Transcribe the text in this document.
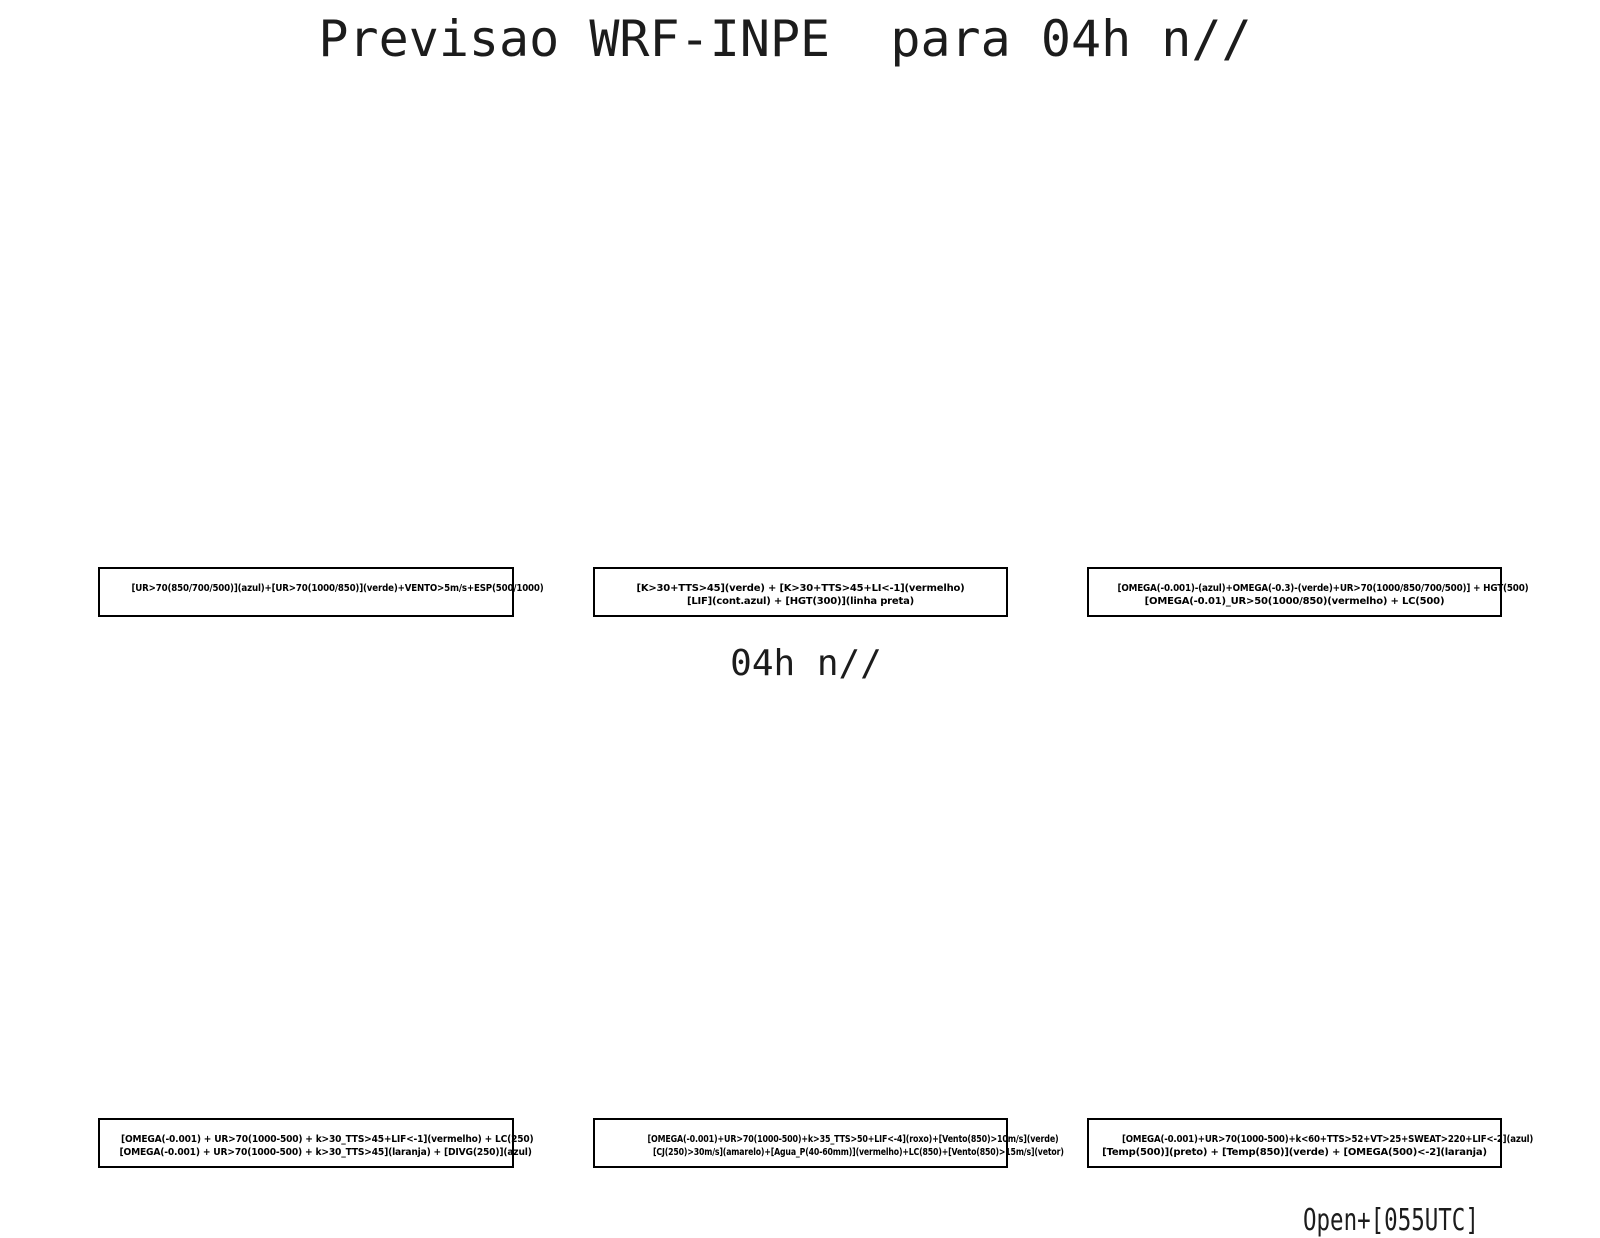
Previsao WRF-INPE  para 04h n//
[UR>70(850/700/500)](azul)+[UR>70(1000/850)](verde)+VENTO>5m/s+ESP(500/1000)	[K>30+TTS>45](verde) + [K>30+TTS>45+LI<-1](vermelho)
[LIF](cont.azul) + [HGT(300)](linha preta)
[OMEGA(-0.001)-(azul)+OMEGA(-0.3)-(verde)+UR>70(1000/850/700/500)] + HGT(500)
[OMEGA(-0.01)_UR>50(1000/850)(vermelho) + LC(500)
04h n//
[OMEGA(-0.001) + UR>70(1000-500) + k>30_TTS>45+LIF<-1](vermelho) + LC(250)
[OMEGA(-0.001) + UR>70(1000-500) + k>30_TTS>45](laranja) + [DIVG(250)](azul)
[OMEGA(-0.001)+UR>70(1000-500)+k>35_TTS>50+LIF<-4](roxo)+[Vento(850)>10m/s](verde)
[CJ(250)>30m/s](amarelo)+[Agua_P(40-60mm)](vermelho)+LC(850)+[Vento(850)>15m/s](vetor)
[OMEGA(-0.001)+UR>70(1000-500)+k<60+TTS>52+VT>25+SWEAT>220+LIF<-2](azul)
[Temp(500)](preto) + [Temp(850)](verde) + [OMEGA(500)<-2](laranja)

Open+[055UTC]
